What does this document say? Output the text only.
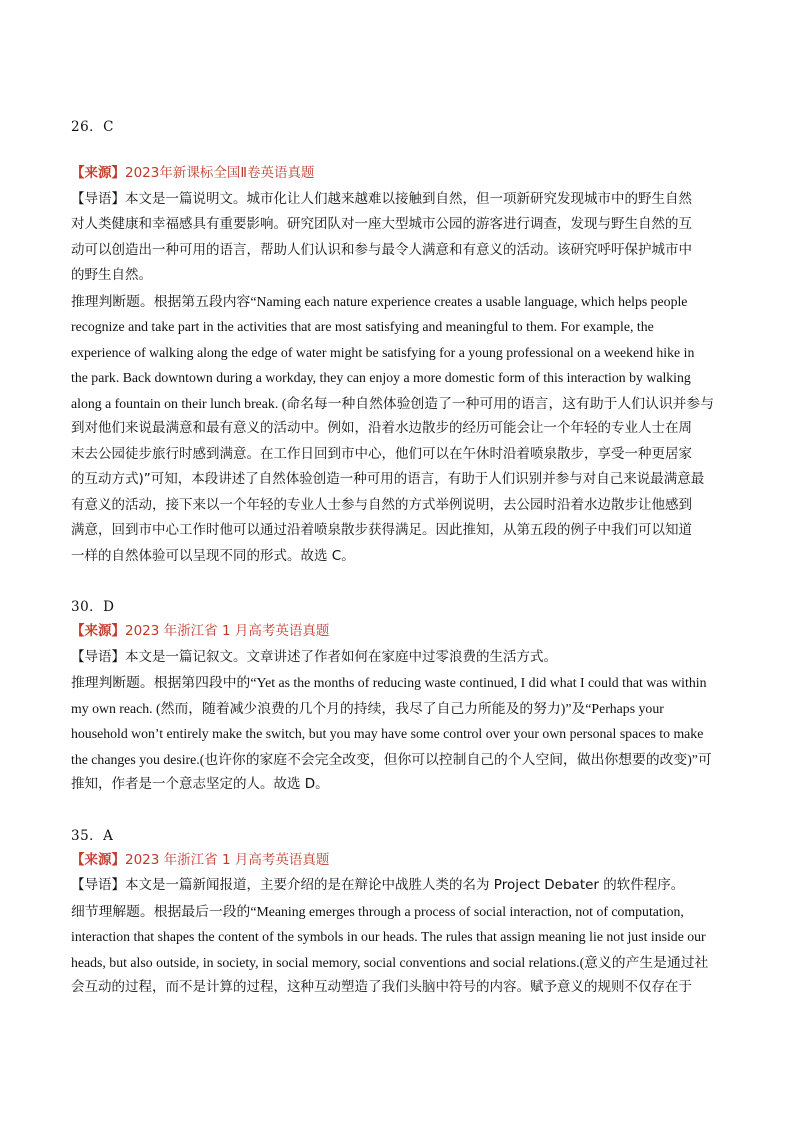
26．C
【来源】2023年新课标全国Ⅱ卷英语真题
【导语】本文是一篇说明文。城市化让人们越来越难以接触到自然，但一项新研究发现城市中的野生自然
对人类健康和幸福感具有重要影响。研究团队对一座大型城市公园的游客进行调查，发现与野生自然的互
动可以创造出一种可用的语言，帮助人们认识和参与最令人满意和有意义的活动。该研究呼吁保护城市中
的野生自然。
推理判断题。根据第五段内容“Naming each nature experience creates a usable language, which helps people
recognize and take part in the activities that are most satisfying and meaningful to them. For example, the
experience of walking along the edge of water might be satisfying for a young professional on a weekend hike in
the park. Back downtown during a workday, they can enjoy a more domestic form of this interaction by walking
along a fountain on their lunch break. (命名每一种自然体验创造了一种可用的语言，这有助于人们认识并参与
到对他们来说最满意和最有意义的活动中。例如，沿着水边散步的经历可能会让一个年轻的专业人士在周
末去公园徒步旅行时感到满意。在工作日回到市中心，他们可以在午休时沿着喷泉散步，享受一种更居家
的互动方式)”可知，本段讲述了自然体验创造一种可用的语言，有助于人们识别并参与对自己来说最满意最
有意义的活动，接下来以一个年轻的专业人士参与自然的方式举例说明，去公园时沿着水边散步让他感到
满意，回到市中心工作时他可以通过沿着喷泉散步获得满足。因此推知，从第五段的例子中我们可以知道
一样的自然体验可以呈现不同的形式。故选 C。
30．D
【来源】2023 年浙江省 1 月高考英语真题
【导语】本文是一篇记叙文。文章讲述了作者如何在家庭中过零浪费的生活方式。
推理判断题。根据第四段中的“Yet as the months of reducing waste continued, I did what I could that was within
my own reach. (然而，随着减少浪费的几个月的持续，我尽了自己力所能及的努力)”及“Perhaps your
household won’t entirely make the switch, but you may have some control over your own personal spaces to make
the changes you desire.(也许你的家庭不会完全改变，但你可以控制自己的个人空间，做出你想要的改变)”可
推知，作者是一个意志坚定的人。故选 D。
35．A
【来源】2023 年浙江省 1 月高考英语真题
【导语】本文是一篇新闻报道，主要介绍的是在辩论中战胜人类的名为 Project Debater 的软件程序。
细节理解题。根据最后一段的“Meaning emerges through a process of social interaction, not of computation,
interaction that shapes the content of the symbols in our heads. The rules that assign meaning lie not just inside our
heads, but also outside, in society, in social memory, social conventions and social relations.(意义的产生是通过社
会互动的过程，而不是计算的过程，这种互动塑造了我们头脑中符号的内容。赋予意义的规则不仅存在于
